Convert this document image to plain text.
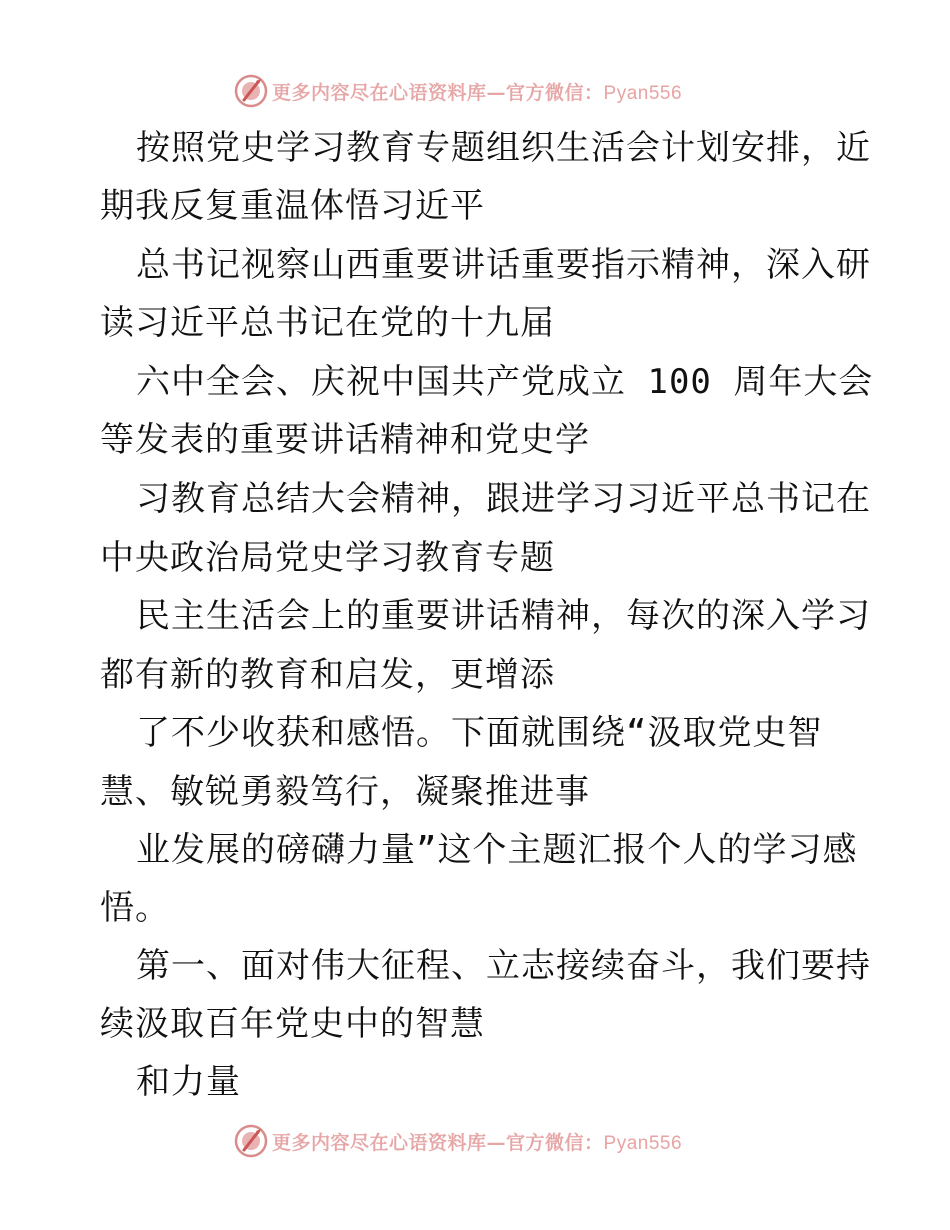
更多内容尽在心语资料库—官方微信：Pyan556
按照党史学习教育专题组织生活会计划安排，近
期我反复重温体悟习近平
总书记视察山西重要讲话重要指示精神，深入研
读习近平总书记在党的十九届
六中全会、庆祝中国共产党成立 100 周年大会
等发表的重要讲话精神和党史学
习教育总结大会精神，跟进学习习近平总书记在
中央政治局党史学习教育专题
民主生活会上的重要讲话精神，每次的深入学习
都有新的教育和启发，更增添
了不少收获和感悟。下面就围绕“汲取党史智
慧、敏锐勇毅笃行，凝聚推进事
业发展的磅礴力量”这个主题汇报个人的学习感
悟。
第一、面对伟大征程、立志接续奋斗，我们要持
续汲取百年党史中的智慧
和力量
更多内容尽在心语资料库—官方微信：Pyan556
